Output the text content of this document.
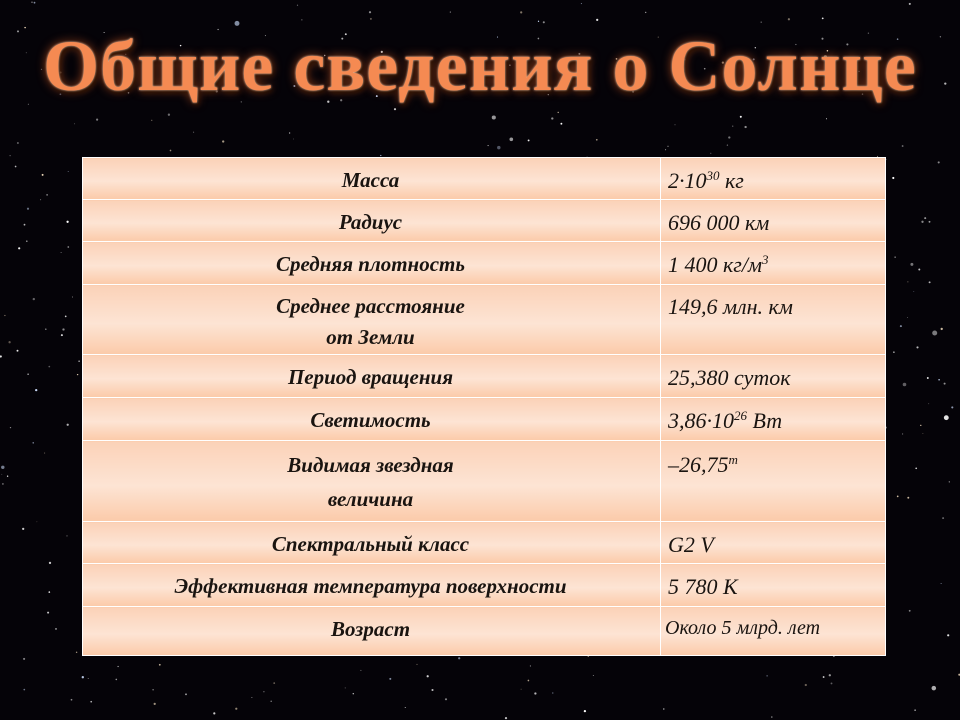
Общие сведения о Солнце
Масса	$2\cdot 10^{30}$ кг
Радиус	696 000 км
Средняя плотность	1 400 $кг/м^3$
Среднее расстояние
от Земли	149,6 млн. км
Период вращения	25,380 суток
Светимость	$3,86\cdot 10^{26}$ Вт
Видимая звездная
величина	–26,75$^m$
Спектральный класс	G2 V
Эффективная температура поверхности	5 780 К
Возраст	Около 5 млрд. лет
